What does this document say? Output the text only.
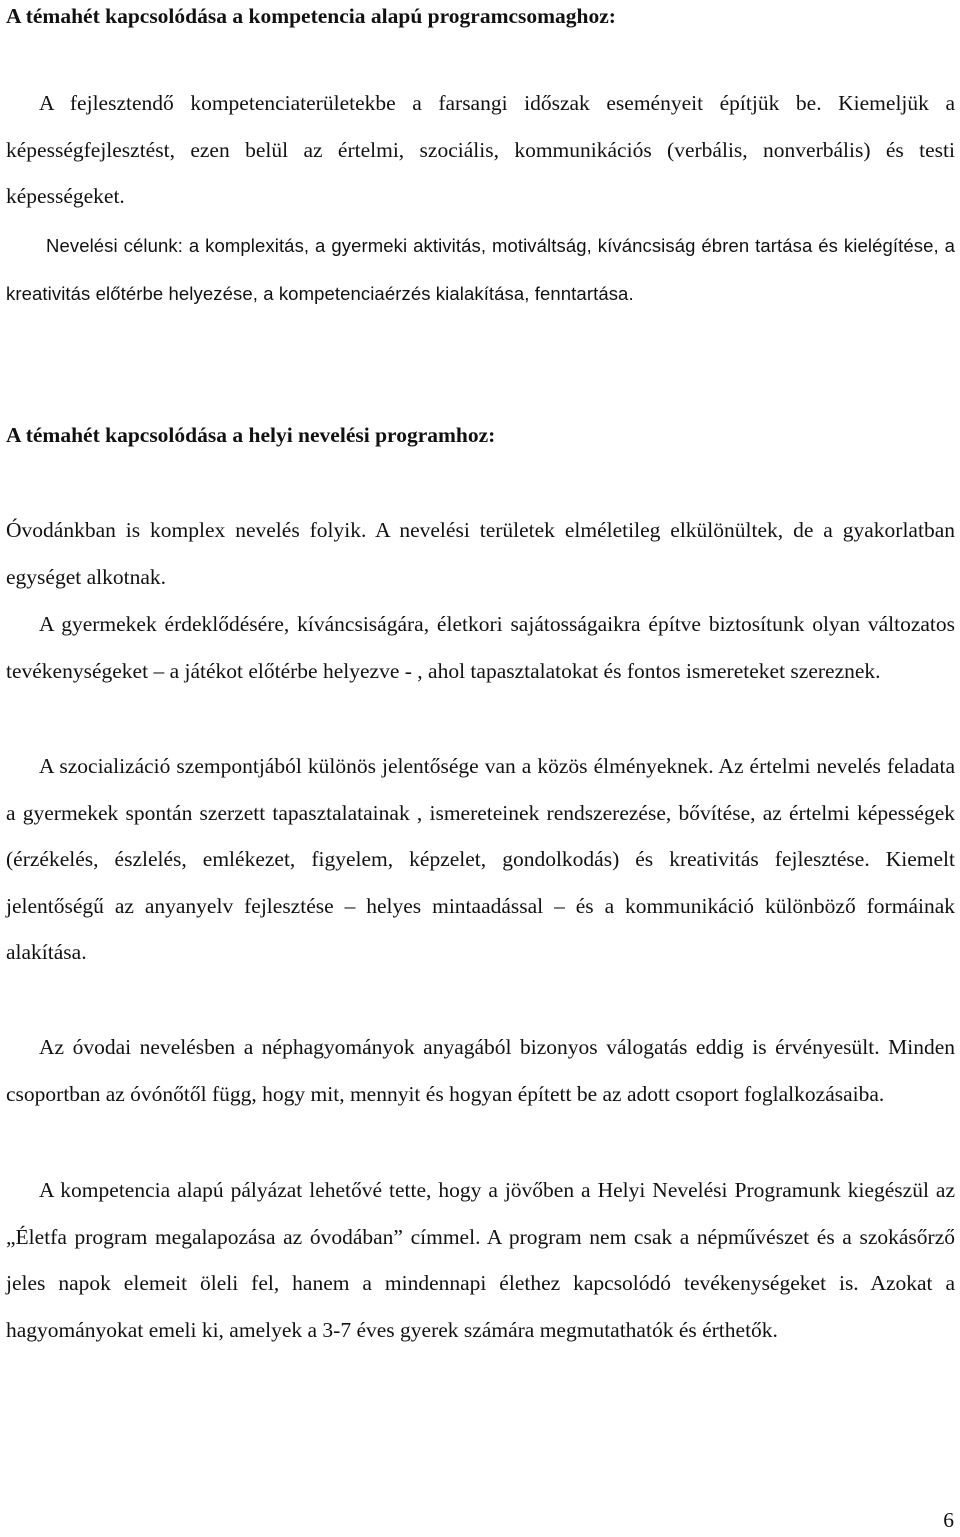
A témahét kapcsolódása a kompetencia alapú programcsomaghoz:

A fejlesztendő kompetenciaterületekbe a farsangi időszak eseményeit építjük be. Kiemeljük a képességfejlesztést, ezen belül az értelmi, szociális, kommunikációs (verbális, nonverbális) és testi képességeket.

Nevelési célunk: a komplexitás, a gyermeki aktivitás, motiváltság, kíváncsiság ébren tartása és kielégítése, a kreativitás előtérbe helyezése, a kompetenciaérzés kialakítása, fenntartása.

A témahét kapcsolódása a helyi nevelési programhoz:

Óvodánkban is komplex nevelés folyik. A nevelési területek elméletileg elkülönültek, de a gyakorlatban egységet alkotnak.

A gyermekek érdeklődésére, kíváncsiságára, életkori sajátosságaikra építve biztosítunk olyan változatos tevékenységeket – a játékot előtérbe helyezve - , ahol tapasztalatokat és fontos ismereteket szereznek.

A szocializáció szempontjából különös jelentősége van a közös élményeknek. Az értelmi nevelés feladata a gyermekek spontán szerzett tapasztalatainak , ismereteinek rendszerezése, bővítése, az értelmi képességek (érzékelés, észlelés, emlékezet, figyelem, képzelet, gondolkodás) és kreativitás fejlesztése. Kiemelt jelentőségű az anyanyelv fejlesztése – helyes mintaadással – és a kommunikáció különböző formáinak alakítása.

Az óvodai nevelésben a néphagyományok anyagából bizonyos válogatás eddig is érvényesült. Minden csoportban az óvónőtől függ, hogy mit, mennyit és hogyan épített be az adott csoport foglalkozásaiba.

A kompetencia alapú pályázat lehetővé tette, hogy a jövőben a Helyi Nevelési Programunk kiegészül az „Életfa program megalapozása az óvodában” címmel. A program nem csak a népművészet és a szokásőrző jeles napok elemeit öleli fel, hanem a mindennapi élethez kapcsolódó tevékenységeket is. Azokat a hagyományokat emeli ki, amelyek a 3-7 éves gyerek számára megmutathatók és érthetők.

6
